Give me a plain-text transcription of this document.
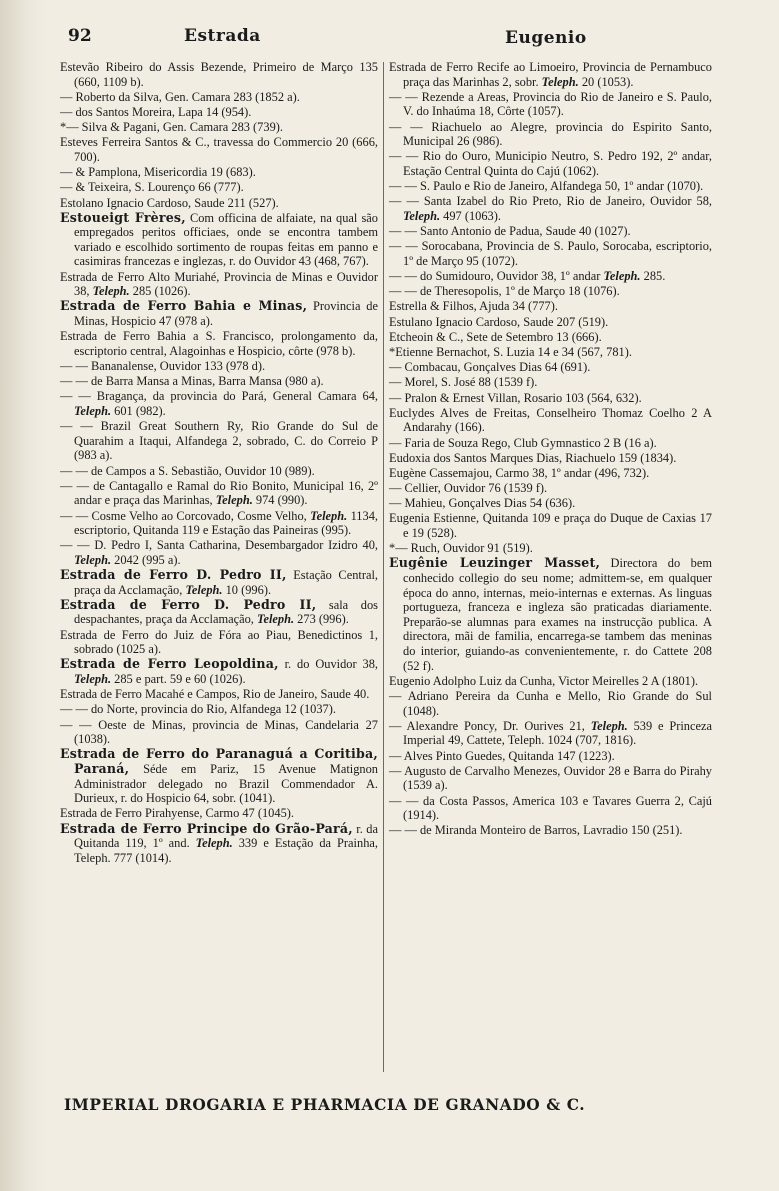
92	Estrada	Eugenio

Estevão Ribeiro do Assis Bezende, Primeiro de Março 135 (660, 1109 b).

— Roberto da Silva, Gen. Camara 283 (1852 a).

— dos Santos Moreira, Lapa 14 (954).

*— Silva & Pagani, Gen. Camara 283 (739).

Esteves Ferreira Santos & C., travessa do Commercio 20 (666, 700).

— & Pamplona, Misericordia 19 (683).

— & Teixeira, S. Lourenço 66 (777).

Estolano Ignacio Cardoso, Saude 211 (527).

Estoueigt Frères, Com officina de alfaiate, na qual são empregados peritos officiaes, onde se encontra tambem variado e escolhido sortimento de roupas feitas em panno e casimiras francezas e inglezas, r. do Ouvidor 43 (468, 767).

Estrada de Ferro Alto Muriahé, Provincia de Minas e Ouvidor 38, Teleph. 285 (1026).

Estrada de Ferro Bahia e Minas, Provincia de Minas, Hospicio 47 (978 a).

Estrada de Ferro Bahia a S. Francisco, prolongamento da, escriptorio central, Alagoinhas e Hospicio, côrte (978 b).

— — Bananalense, Ouvidor 133 (978 d).

— — de Barra Mansa a Minas, Barra Mansa (980 a).

— — Bragança, da provincia do Pará, General Camara 64, Teleph. 601 (982).

— — Brazil Great Southern Ry, Rio Grande do Sul de Quarahim a Itaqui, Alfandega 2, sobrado, C. do Correio P (983 a).

— — de Campos a S. Sebastião, Ouvidor 10 (989).

— — de Cantagallo e Ramal do Rio Bonito, Municipal 16, 2º andar e praça das Marinhas, Teleph. 974 (990).

— — Cosme Velho ao Corcovado, Cosme Velho, Teleph. 1134, escriptorio, Quitanda 119 e Estação das Paineiras (995).

— — D. Pedro I, Santa Catharina, Desembargador Izidro 40, Teleph. 2042 (995 a).

Estrada de Ferro D. Pedro II, Estação Central, praça da Acclamação, Teleph. 10 (996).

Estrada de Ferro D. Pedro II, sala dos despachantes, praça da Acclamação, Teleph. 273 (996).

Estrada de Ferro do Juiz de Fóra ao Piau, Benedictinos 1, sobrado (1025 a).

Estrada de Ferro Leopoldina, r. do Ouvidor 38, Teleph. 285 e part. 59 e 60 (1026).

Estrada de Ferro Macahé e Campos, Rio de Janeiro, Saude 40.

— — do Norte, provincia do Rio, Alfandega 12 (1037).

— — Oeste de Minas, provincia de Minas, Candelaria 27 (1038).

Estrada de Ferro do Paranaguá a Coritiba, Paraná, Séde em Pariz, 15 Avenue Matignon Administrador delegado no Brazil Commendador A. Durieux, r. do Hospicio 64, sobr. (1041).

Estrada de Ferro Pirahyense, Carmo 47 (1045).

Estrada de Ferro Principe do Grão-Pará, r. da Quitanda 119, 1º and. Teleph. 339 e Estação da Prainha, Teleph. 777 (1014).

Estrada de Ferro Recife ao Limoeiro, Provincia de Pernambuco praça das Marinhas 2, sobr. Teleph. 20 (1053).

— — Rezende a Areas, Provincia do Rio de Janeiro e S. Paulo, V. do Inhaúma 18, Côrte (1057).

— — Riachuelo ao Alegre, provincia do Espirito Santo, Municipal 26 (986).

— — Rio do Ouro, Municipio Neutro, S. Pedro 192, 2º andar, Estação Central Quinta do Cajú (1062).

— — S. Paulo e Rio de Janeiro, Alfandega 50, 1º andar (1070).

— — Santa Izabel do Rio Preto, Rio de Janeiro, Ouvidor 58, Teleph. 497 (1063).

— — Santo Antonio de Padua, Saude 40 (1027).

— — Sorocabana, Provincia de S. Paulo, Sorocaba, escriptorio, 1º de Março 95 (1072).

— — do Sumidouro, Ouvidor 38, 1º andar Teleph. 285.

— — de Theresopolis, 1º de Março 18 (1076).

Estrella & Filhos, Ajuda 34 (777).

Estulano Ignacio Cardoso, Saude 207 (519).

Etcheoin & C., Sete de Setembro 13 (666).

*Etienne Bernachot, S. Luzia 14 e 34 (567, 781).

— Combacau, Gonçalves Dias 64 (691).

— Morel, S. José 88 (1539 f).

— Pralon & Ernest Villan, Rosario 103 (564, 632).

Euclydes Alves de Freitas, Conselheiro Thomaz Coelho 2 A Andarahy (166).

— Faria de Souza Rego, Club Gymnastico 2 B (16 a).

Eudoxia dos Santos Marques Dias, Riachuelo 159 (1834).

Eugène Cassemajou, Carmo 38, 1º andar (496, 732).

— Cellier, Ouvidor 76 (1539 f).

— Mahieu, Gonçalves Dias 54 (636).

Eugenia Estienne, Quitanda 109 e praça do Duque de Caxias 17 e 19 (528).

*— Ruch, Ouvidor 91 (519).

Eugênie Leuzinger Masset, Directora do bem conhecido collegio do seu nome; admittem-se, em qualquer época do anno, internas, meio-internas e externas. As linguas portugueza, franceza e ingleza são praticadas diariamente. Preparão-se alumnas para exames na instrucção publica. A directora, mãi de familia, encarrega-se tambem das meninas do interior, guiando-as convenientemente, r. do Cattete 208 (52 f).

Eugenio Adolpho Luiz da Cunha, Victor Meirelles 2 A (1801).

— Adriano Pereira da Cunha e Mello, Rio Grande do Sul (1048).

— Alexandre Poncy, Dr. Ourives 21, Teleph. 539 e Princeza Imperial 49, Cattete, Teleph. 1024 (707, 1816).

— Alves Pinto Guedes, Quitanda 147 (1223).

— Augusto de Carvalho Menezes, Ouvidor 28 e Barra do Pirahy (1539 a).

— — da Costa Passos, America 103 e Tavares Guerra 2, Cajú (1914).

— — de Miranda Monteiro de Barros, Lavradio 150 (251).

IMPERIAL DROGARIA E PHARMACIA DE GRANADO & C.
